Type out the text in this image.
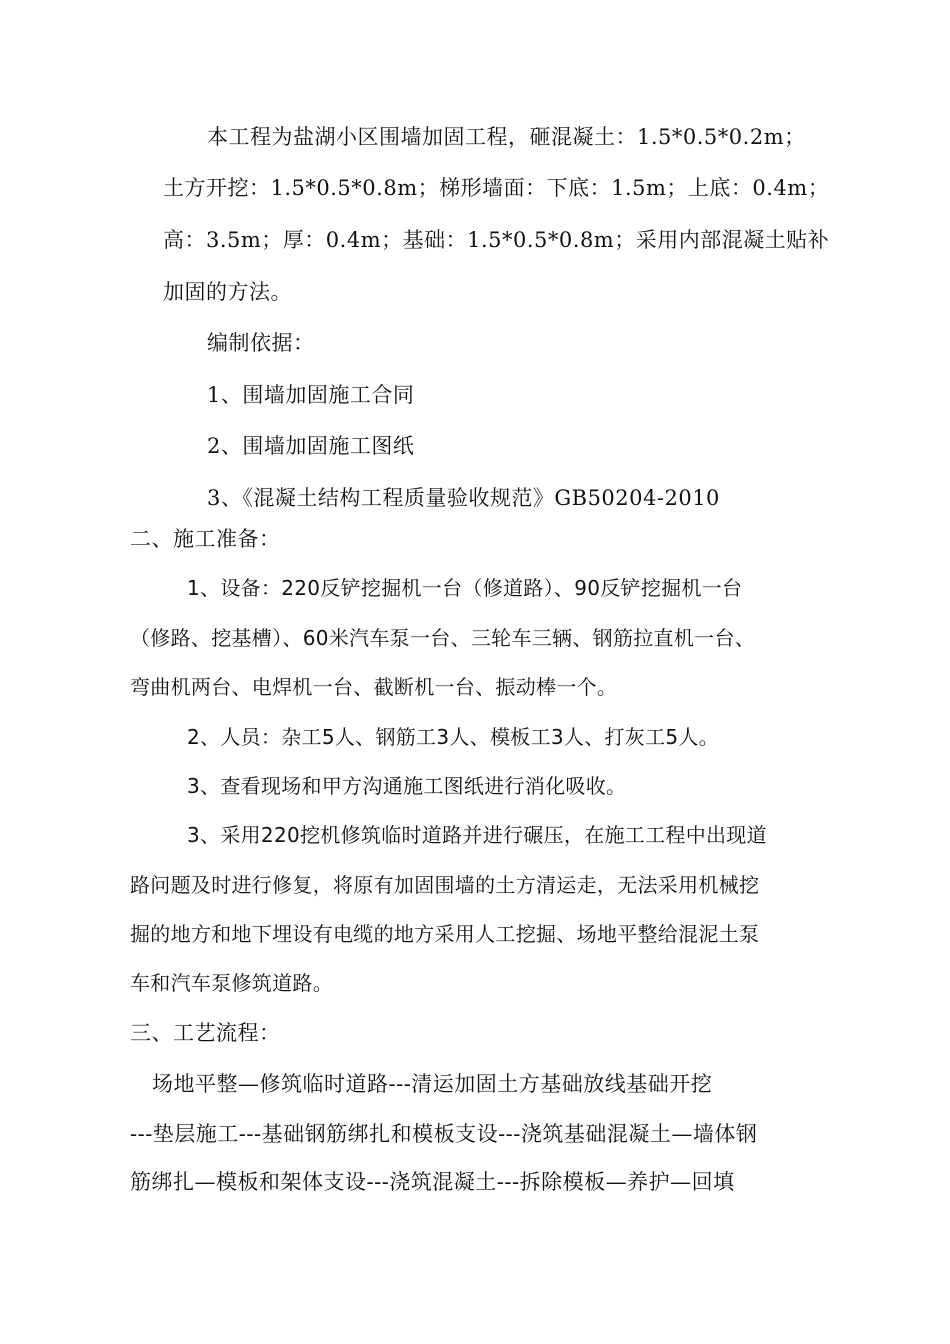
本工程为盐湖小区围墙加固工程，砸混凝土：1.5*0.5*0.2m；
土方开挖：1.5*0.5*0.8m；梯形墙面：下底：1.5m；上底：0.4m；
高：3.5m；厚：0.4m；基础：1.5*0.5*0.8m；采用内部混凝土贴补
加固的方法。
编制依据：
1、围墙加固施工合同
2、围墙加固施工图纸
3、《混凝土结构工程质量验收规范》GB50204-2010
二、施工准备：
1、设备：220反铲挖掘机一台（修道路）、90反铲挖掘机一台
（修路、挖基槽）、60米汽车泵一台、三轮车三辆、钢筋拉直机一台、
弯曲机两台、电焊机一台、截断机一台、振动棒一个。
2、人员：杂工5人、钢筋工3人、模板工3人、打灰工5人。
3、查看现场和甲方沟通施工图纸进行消化吸收。
3、采用220挖机修筑临时道路并进行碾压，在施工工程中出现道
路问题及时进行修复，将原有加固围墙的土方清运走，无法采用机械挖
掘的地方和地下埋设有电缆的地方采用人工挖掘、场地平整给混泥土泵
车和汽车泵修筑道路。
三、工艺流程：
场地平整—修筑临时道路---清运加固土方基础放线基础开挖
---垫层施工---基础钢筋绑扎和模板支设---浇筑基础混凝土—墙体钢
筋绑扎—模板和架体支设---浇筑混凝土---拆除模板—养护—回填
